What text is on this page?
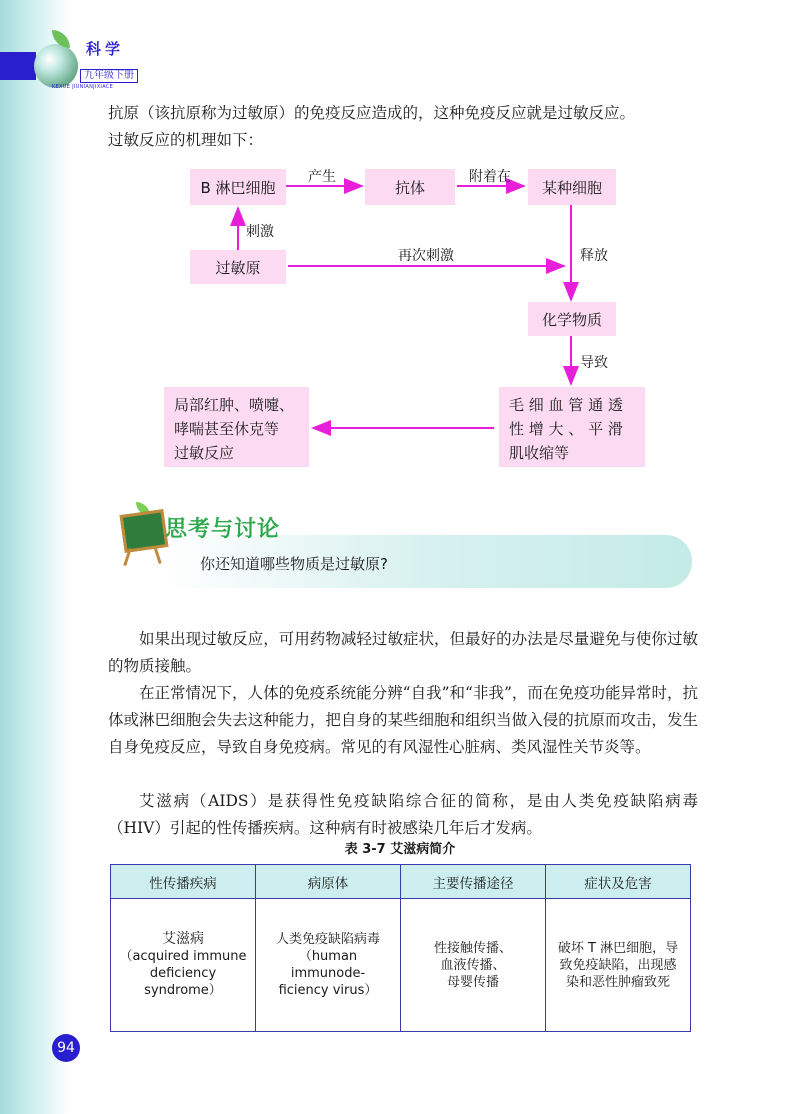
科学
九年级下册
KEXUE JIUNIANJIXIACE

抗原（该抗原称为过敏原）的免疫反应造成的，这种免疫反应就是过敏反应。

过敏反应的机理如下：

B 淋巴细胞	抗体	某种细胞
过敏原
化学物质
毛 细 血 管 通 透
性 增 大 、 平 滑
肌收缩等
局部红肿、喷嚏、
哮喘甚至休克等
过敏反应
产生	附着在
刺激
再次刺激	释放
导致
思考与讨论
你还知道哪些物质是过敏原?

如果出现过敏反应，可用药物减轻过敏症状，但最好的办法是尽量避免与使你过敏的物质接触。

在正常情况下，人体的免疫系统能分辨“自我”和“非我”，而在免疫功能异常时，抗体或淋巴细胞会失去这种能力，把自身的某些细胞和组织当做入侵的抗原而攻击，发生自身免疫反应，导致自身免疫病。常见的有风湿性心脏病、类风湿性关节炎等。

艾滋病（AIDS）是获得性免疫缺陷综合征的简称，是由人类免疫缺陷病毒（HIV）引起的性传播疾病。这种病有时被感染几年后才发病。

表 3-7 艾滋病简介
性传播疾病	病原体	主要传播途径	症状及危害

艾滋病
（acquired immune
deficiency
syndrome）	人类免疫缺陷病毒
（human immunode-
ficiency virus）	性接触传播、
血液传播、
母婴传播	破坏 T 淋巴细胞，导
致免疫缺陷，出现感
染和恶性肿瘤致死
94
